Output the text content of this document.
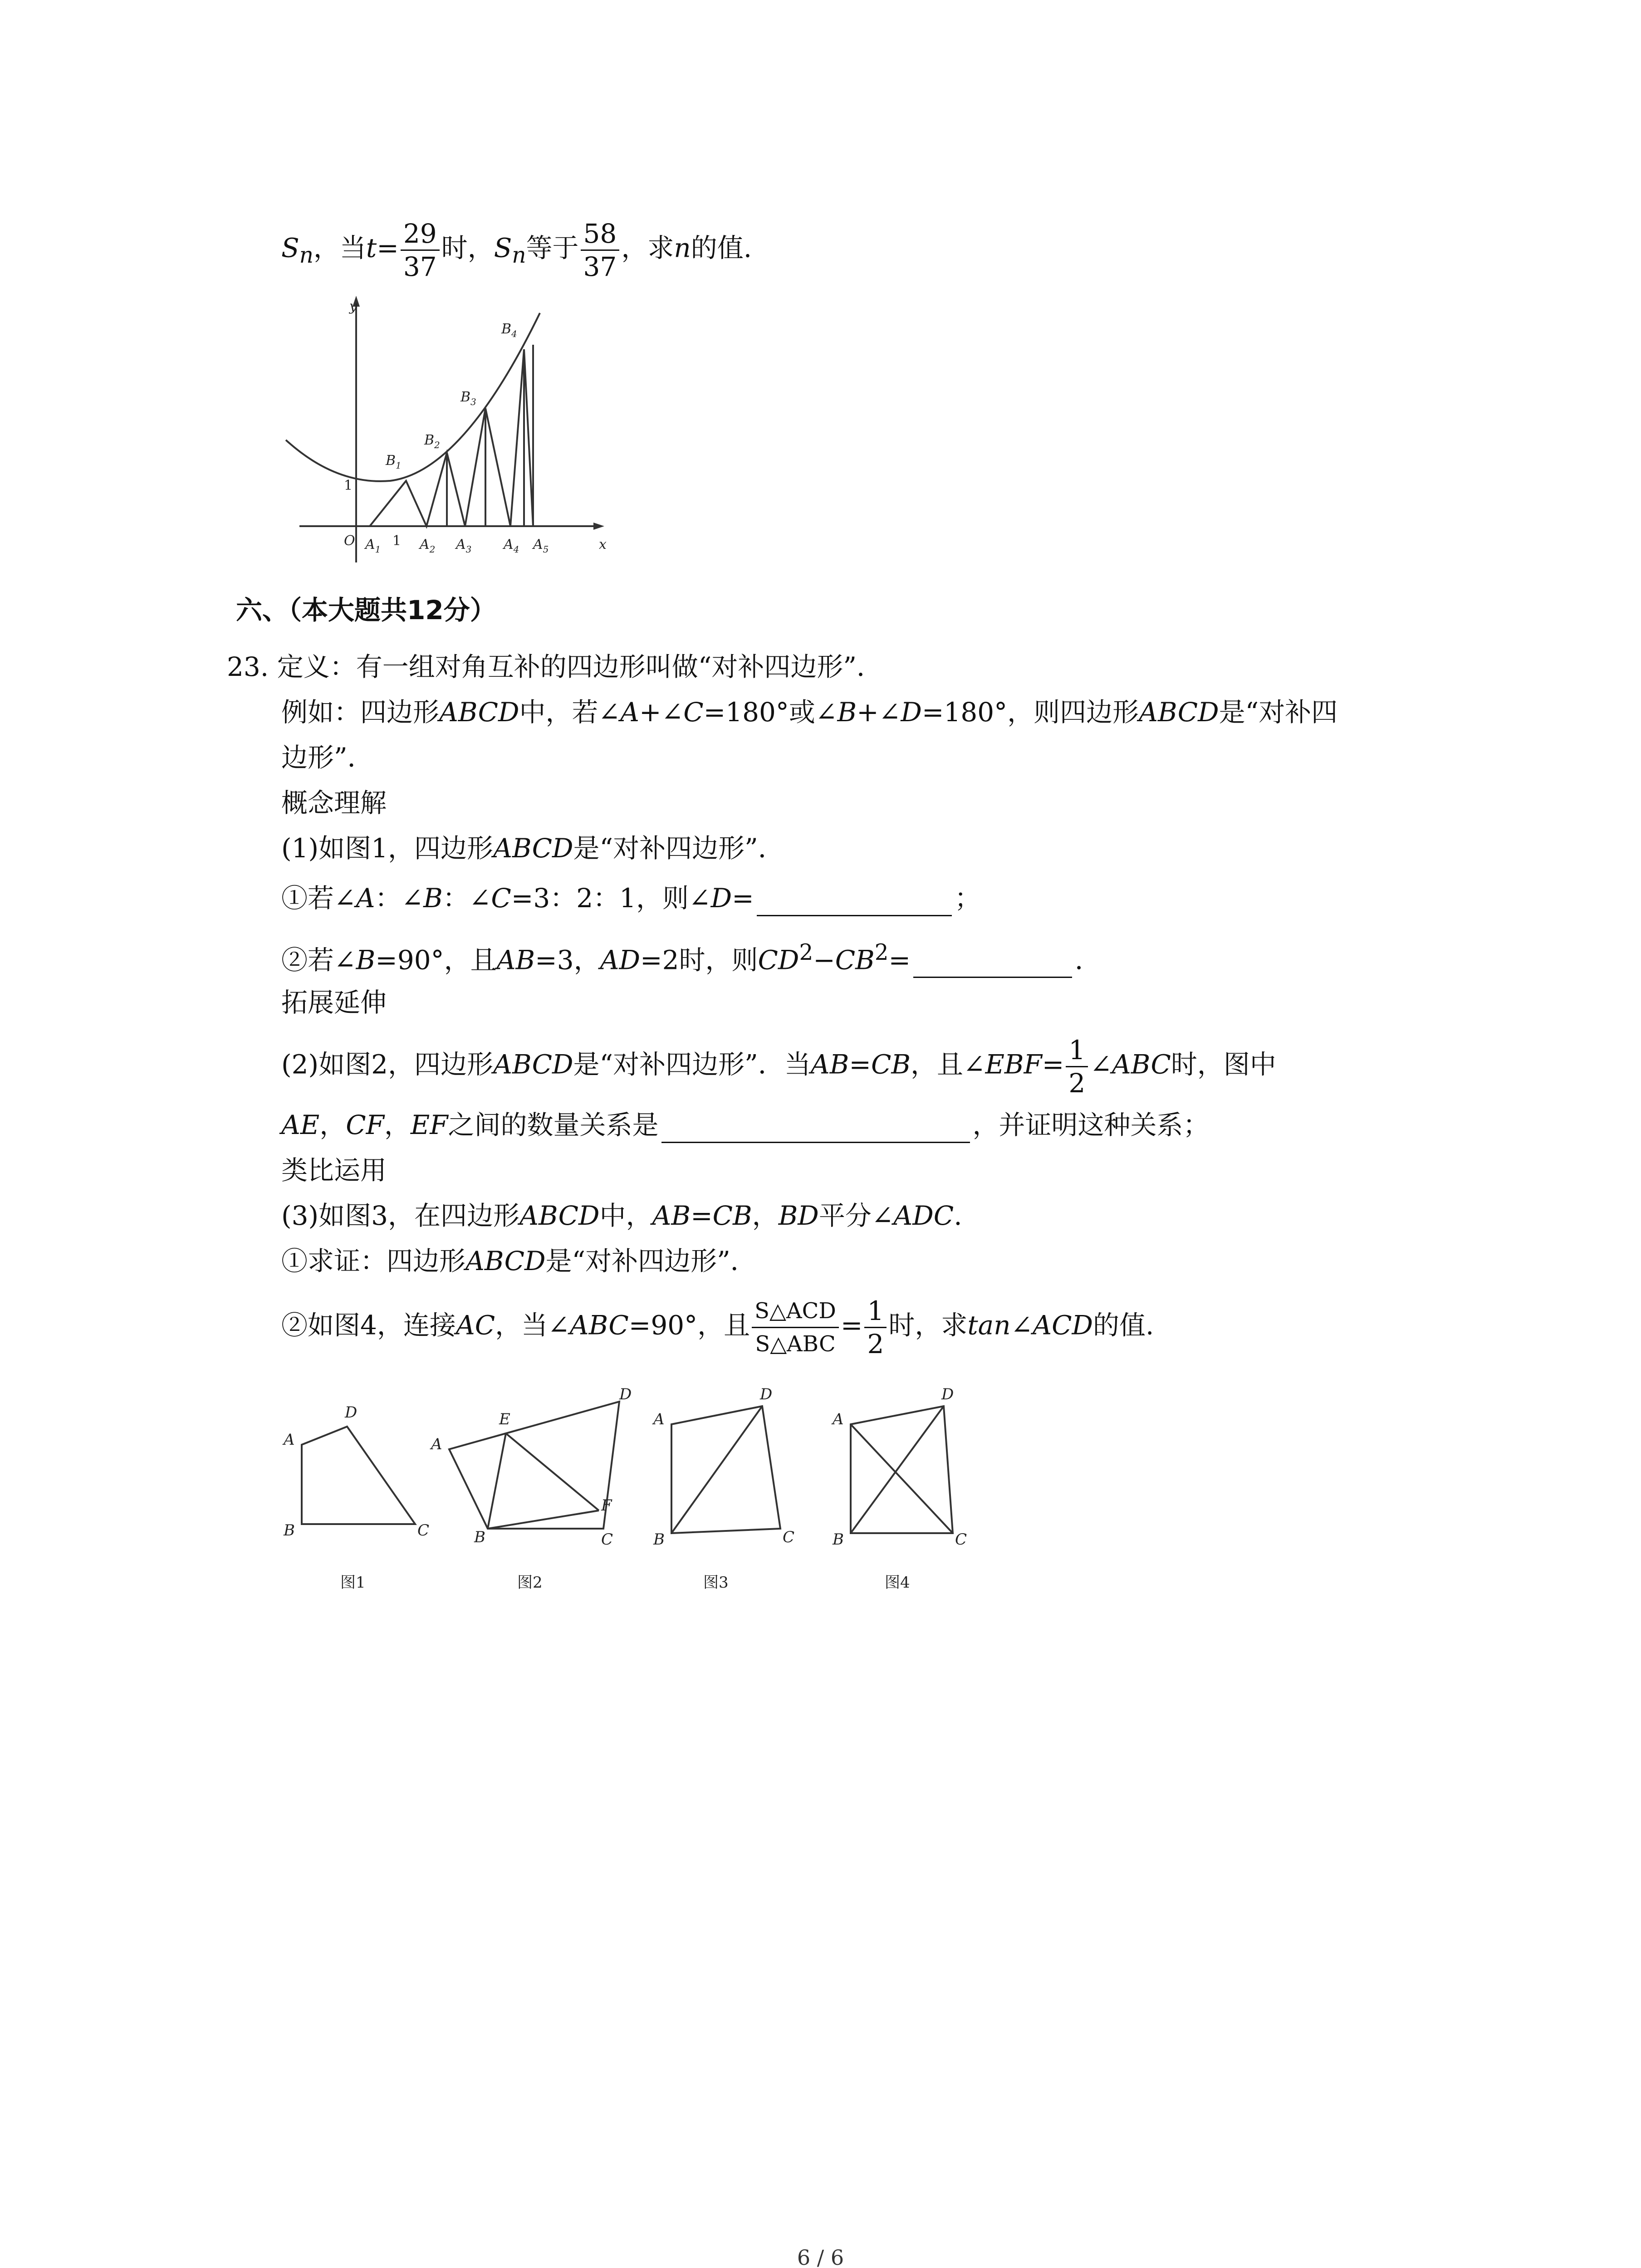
$S_n$，当$t= \frac{29}{37}$ 时，$S_n$等于 $\frac{58}{37}$ ，求n的值.
y
x
O
1
1
$A_1$	$A_2$ $A_3$ $A_4$ $A_5$
$B_1$
$B_2$
$B_3$
$B_4$
六、（本大题共12分）
23. 定义：有一组对角互补的四边形叫做“对补四边形”．
例如：四边形ABCD中，若∠A+∠C=180°或∠B+∠D=180°，则四边形ABCD是“对补四
边形”．
概念理解
(1)如图1，四边形ABCD是“对补四边形”．
①若∠A：∠B：∠C=3：2：1，则∠D=	；
②若∠B=90°，且AB=3，AD=2时，则$CD^2-CB^2=$	．
拓展延伸
(2)如图2，四边形ABCD是“对补四边形”．当AB=CB，且∠EBF= $\frac{1}{2}$ ∠ABC时，图中
AE，CF，EF之间的数量关系是	，并证明这种关系；
类比运用
(3)如图3，在四边形ABCD中，AB=CB，BD平分∠ADC.
①求证：四边形ABCD是“对补四边形”．
②如图4，连接AC，当∠ABC=90°，且 $\frac{\text{S△ACD}}{\text{S△ABC}} = \frac{1}{2}$ 时，求tan∠ACD的值.
A
D
B	C
图1
A
E
D
F
B	C
图2
A
D
B	C
图3
A
D
B	C
图4
6 / 6
